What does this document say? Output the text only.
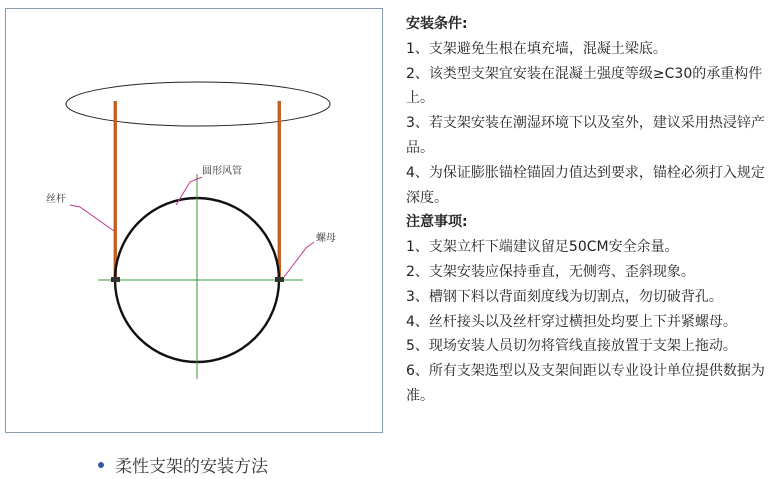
丝杆
圆形风管
螺母
柔性支架的安装方法

安装条件:

1、支架避免生根在填充墙，混凝土梁底。

2、该类型支架宜安装在混凝土强度等级≥C30的承重构件上。

3、若支架安装在潮湿环境下以及室外，建议采用热浸锌产品。

4、为保证膨胀锚栓锚固力值达到要求，锚栓必须打入规定深度。

注意事项:

1、支架立杆下端建议留足50CM安全余量。

2、支架安装应保持垂直，无侧弯、歪斜现象。

3、槽钢下料以背面刻度线为切割点，勿切破背孔。

4、丝杆接头以及丝杆穿过横担处均要上下并紧螺母。

5、现场安装人员切勿将管线直接放置于支架上拖动。

6、所有支架选型以及支架间距以专业设计单位提供数据为准。
